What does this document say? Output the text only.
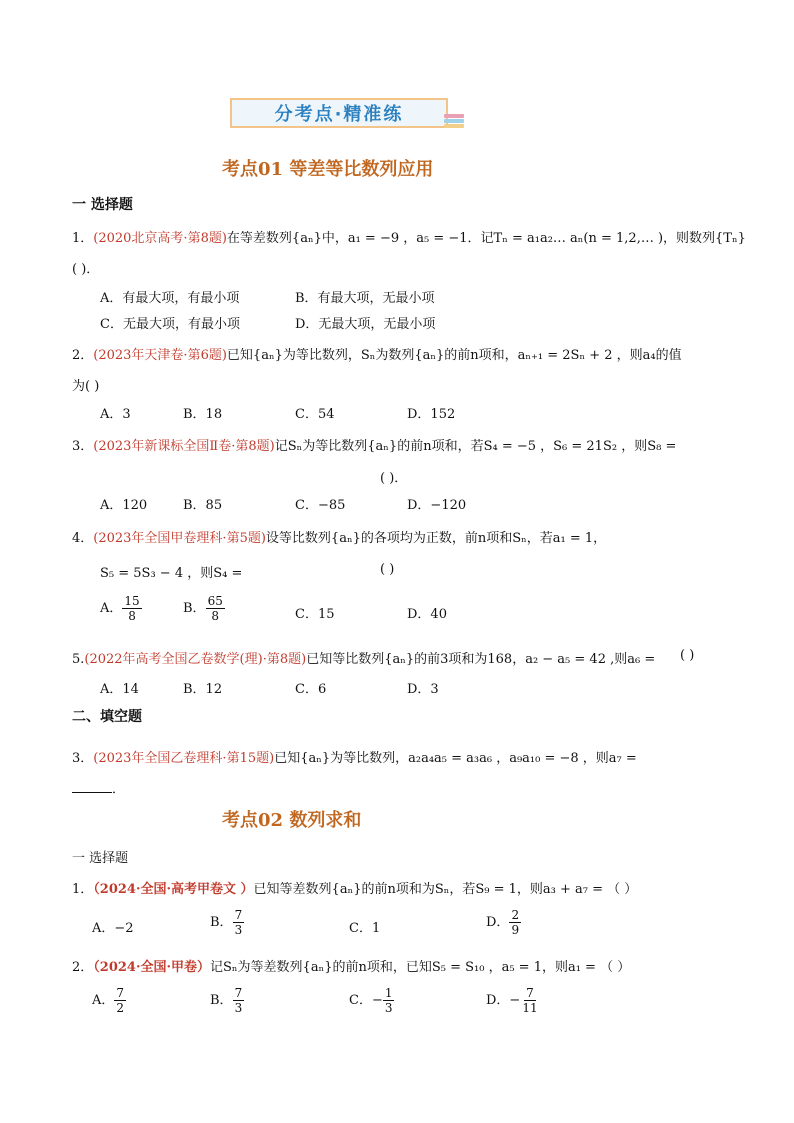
分考点·精准练
考点01 等差等比数列应用
一 选择题
1．(2020北京高考·第8题)在等差数列{aₙ}中，a₁ = −9 ，a₅ = −1．记Tₙ = a₁a₂… aₙ(n = 1,2,… )，则数列{Tₙ}
( )．
A．有最大项，有最小项	B．有最大项，无最小项
C．无最大项，有最小项	D．无最大项，无最小项
2．(2023年天津卷·第6题)已知{aₙ}为等比数列，Sₙ为数列{aₙ}的前n项和，aₙ₊₁ = 2Sₙ + 2 ，则a₄的值
为( )
A．3	B．18	C．54	D．152
3．(2023年新课标全国Ⅱ卷·第8题)记Sₙ为等比数列{aₙ}的前n项和，若S₄ = −5 ，S₆ = 21S₂ ，则S₈ =
( )．
A．120	B．85	C．−85	D．−120
4．(2023年全国甲卷理科·第5题)设等比数列{aₙ}的各项均为正数，前n项和Sₙ，若a₁ = 1，
S₅ = 5S₃ − 4 ，则S₄ =	( )
A． $\frac{15}{8}$	B． $\frac{65}{8}$	C．15	D．40
5.(2022年高考全国乙卷数学(理)·第8题)已知等比数列{aₙ}的前3项和为168，a₂ − a₅ = 42 ,则a₆ = ( )
A．14	B．12	C．6	D．3
二、填空题
3．(2023年全国乙卷理科·第15题)已知{aₙ}为等比数列，a₂a₄a₅ = a₃a₆ ，a₉a₁₀ = −8 ，则a₇ =
．
考点02 数列求和
一 选择题
1．（2024·全国·高考甲卷文 ）已知等差数列{aₙ}的前n项和为Sₙ，若S₉ = 1，则a₃ + a₇ = （ ）
A．−2	B． $\frac{7}{3}$	C．1	D． $\frac{2}{9}$
2．（2024·全国·甲卷）记Sₙ为等差数列{aₙ}的前n项和，已知S₅ = S₁₀ ，a₅ = 1，则a₁ = （ ）
A． $\frac{7}{2}$	B． $\frac{7}{3}$	C．− $\frac{1}{3}$	D．− $\frac{7}{11}$
